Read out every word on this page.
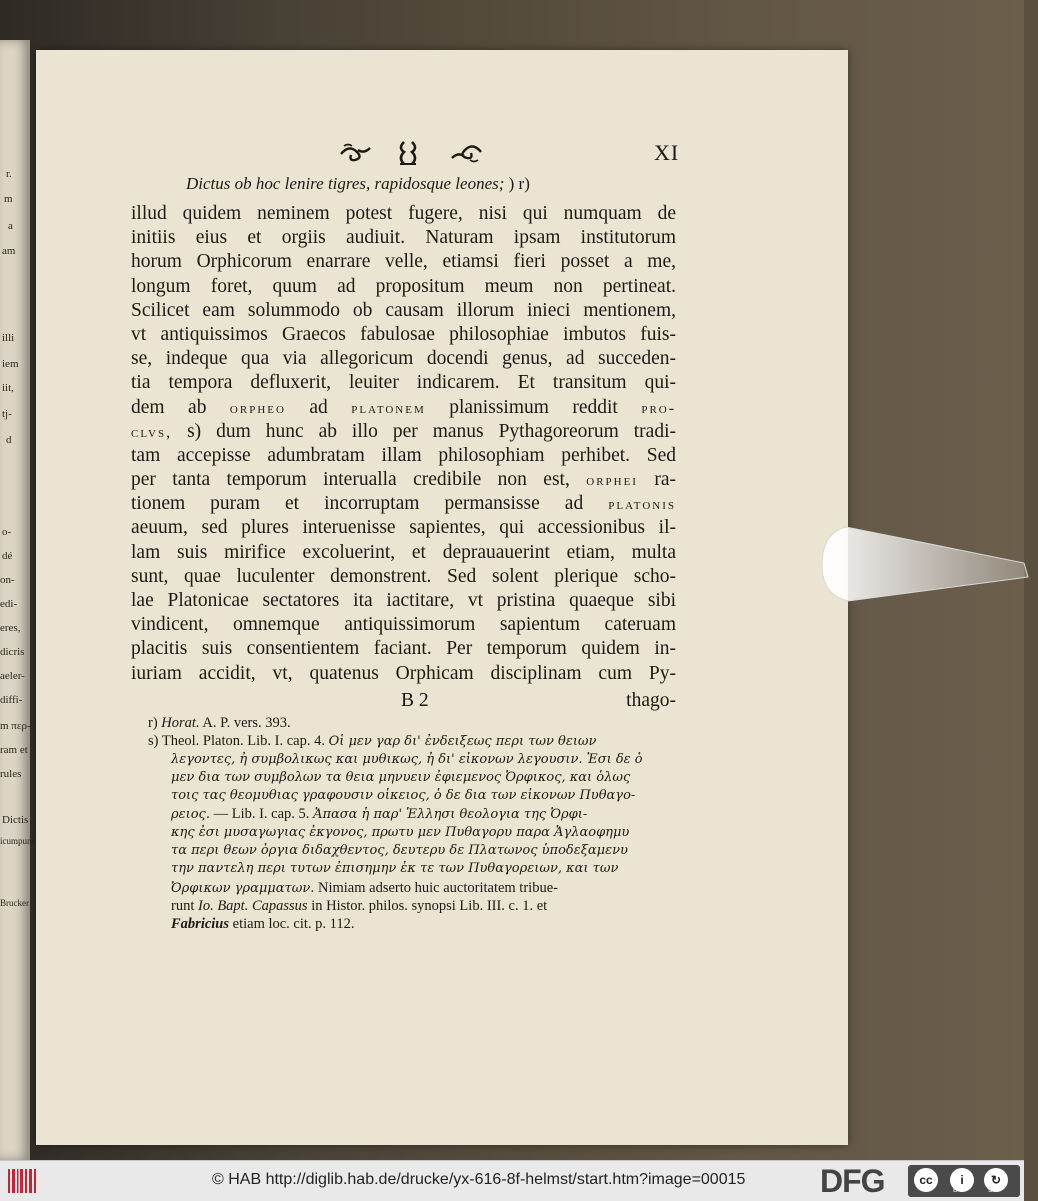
r.
m
a
am
illi
iem
iit,
tj-
d
o-
dé
on-
edi-
eres,
dicris
aeler-
diffi-
m περ-
ram et
rules
Dictis
icumpum
Brucker
XI
Dictus ob hoc lenire tigres, rapidosque leones; ) r)
illud quidem neminem potest fugere, nisi qui numquam de
initiis eius et orgiis audiuit. Naturam ipsam institutorum
horum Orphicorum enarrare velle, etiamsi fieri posset a me,
longum foret, quum ad propositum meum non pertineat.
Scilicet eam solummodo ob causam illorum inieci mentionem,
vt antiquissimos Graecos fabulosae philosophiae imbutos fuis-
se, indeque qua via allegoricum docendi genus, ad succeden-
tia tempora defluxerit, leuiter indicarem. Et transitum qui-
dem ab orpheo ad platonem planissimum reddit pro-
clvs, s) dum hunc ab illo per manus Pythagoreorum tradi-
tam accepisse adumbratam illam philosophiam perhibet. Sed
per tanta temporum interualla credibile non est, orphei ra-
tionem puram et incorruptam permansisse ad platonis
aeuum, sed plures interuenisse sapientes, qui accessionibus il-
lam suis mirifice excoluerint, et deprauauerint etiam, multa
sunt, quae luculenter demonstrent. Sed solent plerique scho-
lae Platonicae sectatores ita iactitare, vt pristina quaeque sibi
vindicent, omnemque antiquissimorum sapientum cateruam
placitis suis consentientem faciant. Per temporum quidem in-
iuriam accidit, vt, quatenus Orphicam disciplinam cum Py-
B 2	thago-
r) Horat. A. P. vers. 393.
s) Theol. Platon. Lib. I. cap. 4. Οἱ μεν γαρ δι' ἐνδειξεως περι των θειων
λεγοντες, ἠ συμβολικως και μυθικως, ἠ δι' εἰκονων λεγουσιν. Ἐσι δε ὁ
μεν δια των συμβολων τα θεια μηνυειν ἐφιεμενος Ὀρφικος, και ὁλως
τοις τας θεομυθιας γραφουσιν οἰκειος, ὁ δε δια των εἰκονων Πυθαγο-
ρειος. — Lib. I. cap. 5. Ἀπασα ἡ παρ' Ἑλλησι θεολογια της Ὀρφι-
κης ἐσι μυσαγωγιας ἐκγονος, πρωτυ μεν Πυθαγορυ παρα Ἀγλαοφημυ
τα περι θεων ὀργια διδαχθεντος, δευτερυ δε Πλατωνος ὑποδεξαμενυ
την παντελη περι τυτων ἐπισημην ἐκ τε των Πυθαγορειων, και των
Ὀρφικων γραμματων. Nimiam adserto huic auctoritatem tribue-
runt Io. Bapt. Capassus in Histor. philos. synopsi Lib. III. c. 1. et
Fabricius etiam loc. cit. p. 112.
© HAB http://diglib.hab.de/drucke/yx-616-8f-helmst/start.htm?image=00015 DFG	cc	i	↻
BY	SA
